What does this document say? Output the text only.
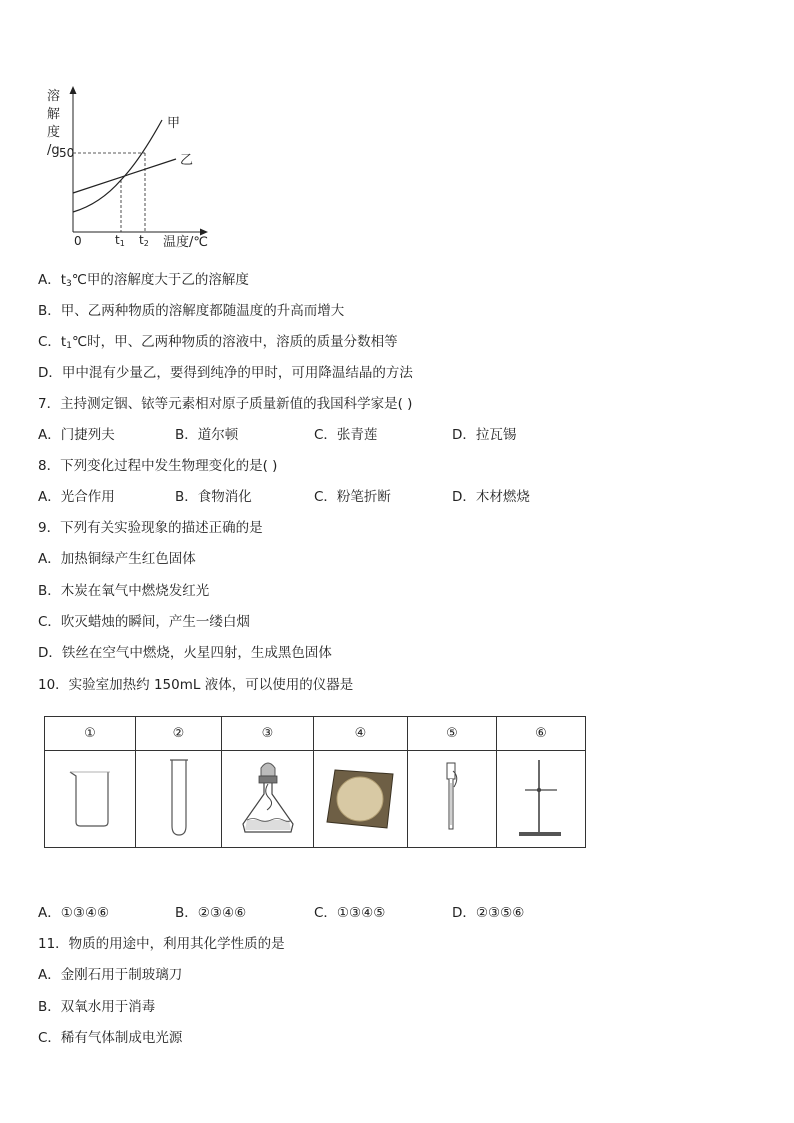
溶
解
度
/g 50
0
甲
乙
t1 t2 温度/℃
A．$t_3℃$甲的溶解度大于乙的溶解度
B．甲、乙两种物质的溶解度都随温度的升高而增大
C．$t_1℃$时，甲、乙两种物质的溶液中，溶质的质量分数相等
D．甲中混有少量乙，要得到纯净的甲时，可用降温结晶的方法
7．主持测定铟、铱等元素相对原子质量新值的我国科学家是( )
A．门捷列夫	B．道尔顿	C．张青莲	D．拉瓦锡
8．下列变化过程中发生物理变化的是( )
A．光合作用	B．食物消化	C．粉笔折断	D．木材燃烧
9．下列有关实验现象的描述正确的是
A．加热铜绿产生红色固体
B．木炭在氧气中燃烧发红光
C．吹灭蜡烛的瞬间，产生一缕白烟
D．铁丝在空气中燃烧，火星四射，生成黑色固体
10．实验室加热约 150mL 液体，可以使用的仪器是
①	②	③	④	⑤	⑥

A．①③④⑥	B．②③④⑥	C．①③④⑤	D．②③⑤⑥
11．物质的用途中，利用其化学性质的是
A．金刚石用于制玻璃刀
B．双氧水用于消毒
C．稀有气体制成电光源
